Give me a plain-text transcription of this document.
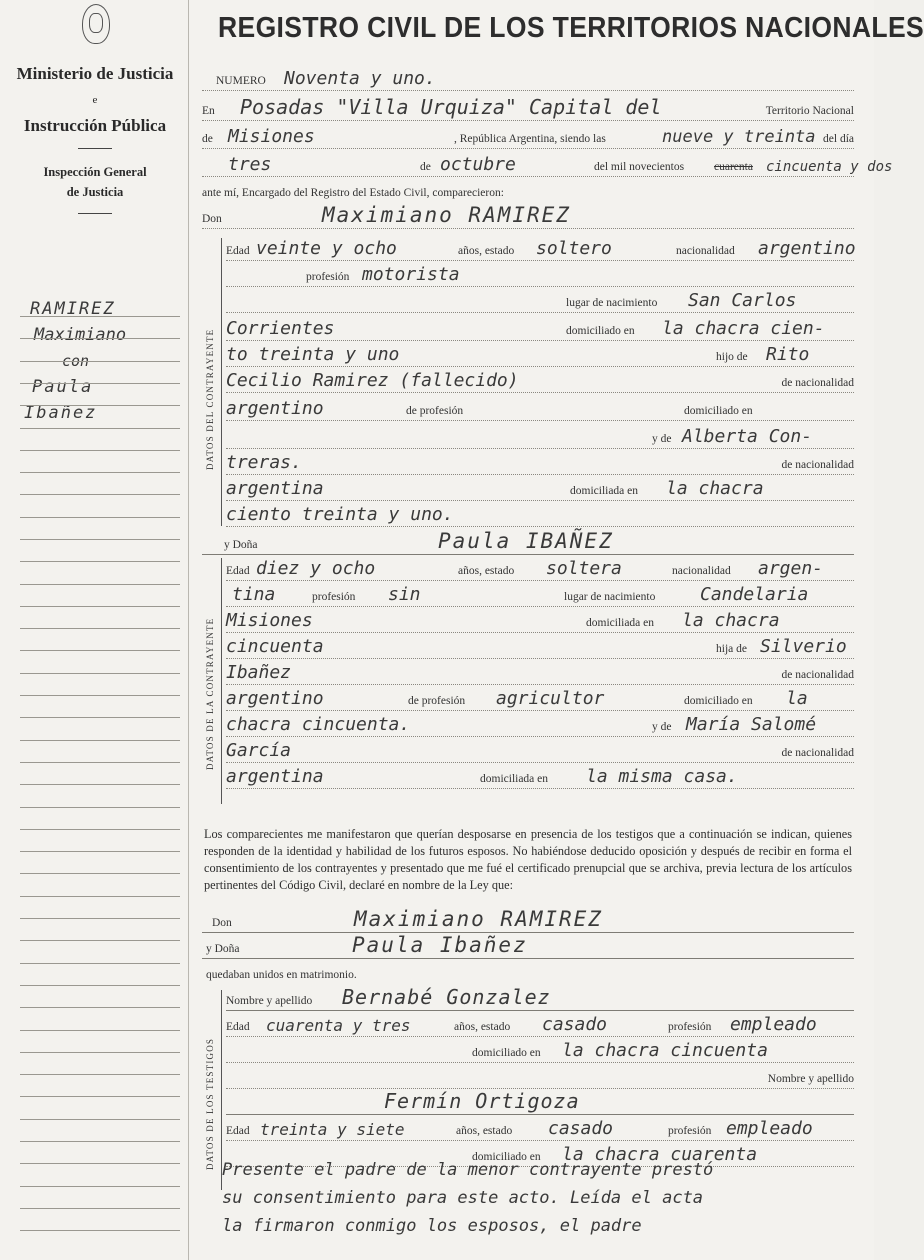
Ministerio de Justicia
e
Instrucción Pública
Inspección General
de Justicia
RAMIREZ
Maximiano
con
Paula
Ibañez
REGISTRO CIVIL DE LOS TERRITORIOS NACIONALES
NUMERO Noventa y uno.
En Posadas "Villa Urquiza" Capital del	Territorio Nacional
de Misiones	, República Argentina, siendo las	nueve y treinta del día
tres	de octubre	del mil novecientos	cuarenta cincuenta y dos
ante mí, Encargado del Registro del Estado Civil, comparecieron:
Don	Maximiano RAMIREZ
DATOS DEL CONTRAYENTE
Edad veinte y ocho	años, estado soltero	nacionalidad argentino
profesión motorista
lugar de nacimiento San Carlos
Corrientes	domiciliado en la chacra cien-
to treinta y uno	hijo de Rito
Cecilio Ramirez (fallecido)	de nacionalidad
argentino	de profesión	domiciliado en
y de Alberta Con-
treras.	de nacionalidad
argentina	domiciliada en la chacra
ciento treinta y uno.
y Doña	Paula IBAÑEZ
DATOS DE LA CONTRAYENTE
Edad diez y ocho	años, estado soltera	nacionalidad argen-
tina	profesión sin	lugar de nacimiento Candelaria
Misiones	domiciliada en la chacra
cincuenta	hija de Silverio
Ibañez	de nacionalidad
argentino	de profesión agricultor	domiciliado en la
chacra cincuenta.	y de María Salomé
García	de nacionalidad
argentina	domiciliada en la misma casa.
Los comparecientes me manifestaron que querían desposarse en presencia de los testigos que a continuación se indican, quienes responden de la identidad y habilidad de los futuros esposos. No habiéndose deducido oposición y después de recibir en forma el consentimiento de los contrayentes y presentado que me fué el certificado prenupcial que se archiva, previa lectura de los artículos pertinentes del Código Civil, declaré en nombre de la Ley que:
Don	Maximiano RAMIREZ
y Doña	Paula Ibañez
quedaban unidos en matrimonio.
DATOS DE LOS TESTIGOS
Nombre y apellido Bernabé Gonzalez
Edad cuarenta y tres	años, estado casado	profesión empleado
domiciliado en la chacra cincuenta
Nombre y apellido
Fermín Ortigoza
Edad treinta y siete	años, estado casado	profesión empleado
domiciliado en la chacra cuarenta
Presente el padre de la menor contrayente prestó
su consentimiento para este acto. Leída el acta
la firmaron conmigo los esposos, el padre
